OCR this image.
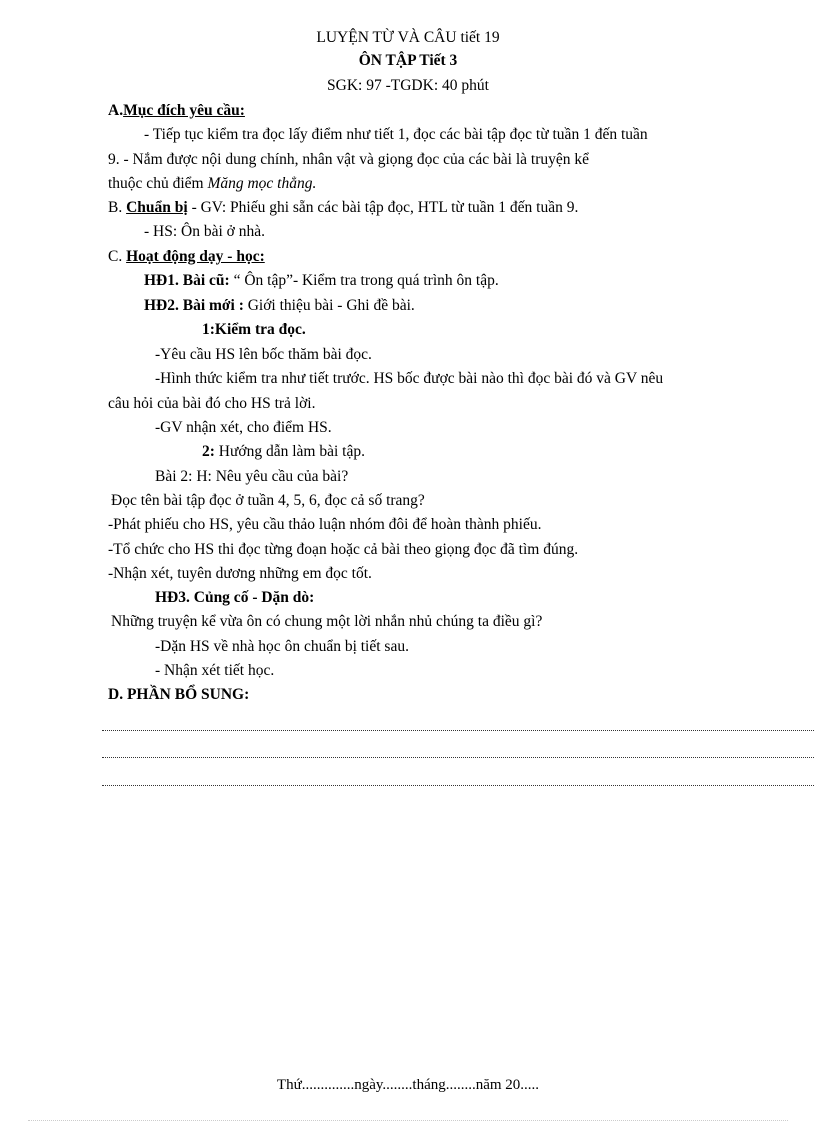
LUYỆN TỪ VÀ CÂU tiết 19
ÔN TẬP Tiết 3
SGK: 97 -TGDK: 40 phút
A.Mục đích yêu cầu:
- Tiếp tục kiểm tra đọc lấy điểm như tiết 1, đọc các bài tập đọc từ tuần 1 đến tuần
9. - Nắm được nội dung chính, nhân vật và giọng đọc của các bài là truyện kể
thuộc chủ điểm Măng mọc thẳng.
B. Chuẩn bị - GV: Phiếu ghi sẵn các bài tập đọc, HTL từ tuần 1 đến tuần 9.
- HS: Ôn bài ở nhà.
C. Hoạt động dạy - học:
HĐ1. Bài cũ: “ Ôn tập”- Kiểm tra trong quá trình ôn tập.
HĐ2. Bài mới : Giới thiệu bài - Ghi đề bài.
1:Kiểm tra đọc.
-Yêu cầu HS lên bốc thăm bài đọc.
-Hình thức kiểm tra như tiết trước. HS bốc được bài nào thì đọc bài đó và GV nêu
câu hỏi của bài đó cho HS trả lời.
-GV nhận xét, cho điểm HS.
2: Hướng dẫn làm bài tập.
Bài 2: H: Nêu yêu cầu của bài?
Đọc tên bài tập đọc ở tuần 4, 5, 6, đọc cả số trang?
-Phát phiếu cho HS, yêu cầu thảo luận nhóm đôi để hoàn thành phiếu.
-Tổ chức cho HS thi đọc từng đoạn hoặc cả bài theo giọng đọc đã tìm đúng.
-Nhận xét, tuyên dương những em đọc tốt.
HĐ3. Củng cố - Dặn dò:
Những truyện kể vừa ôn có chung một lời nhắn nhủ chúng ta điều gì?
-Dặn HS về nhà học ôn chuẩn bị tiết sau.
- Nhận xét tiết học.
D. PHẦN BỔ SUNG:
Thứ..............ngày........tháng........năm 20.....
